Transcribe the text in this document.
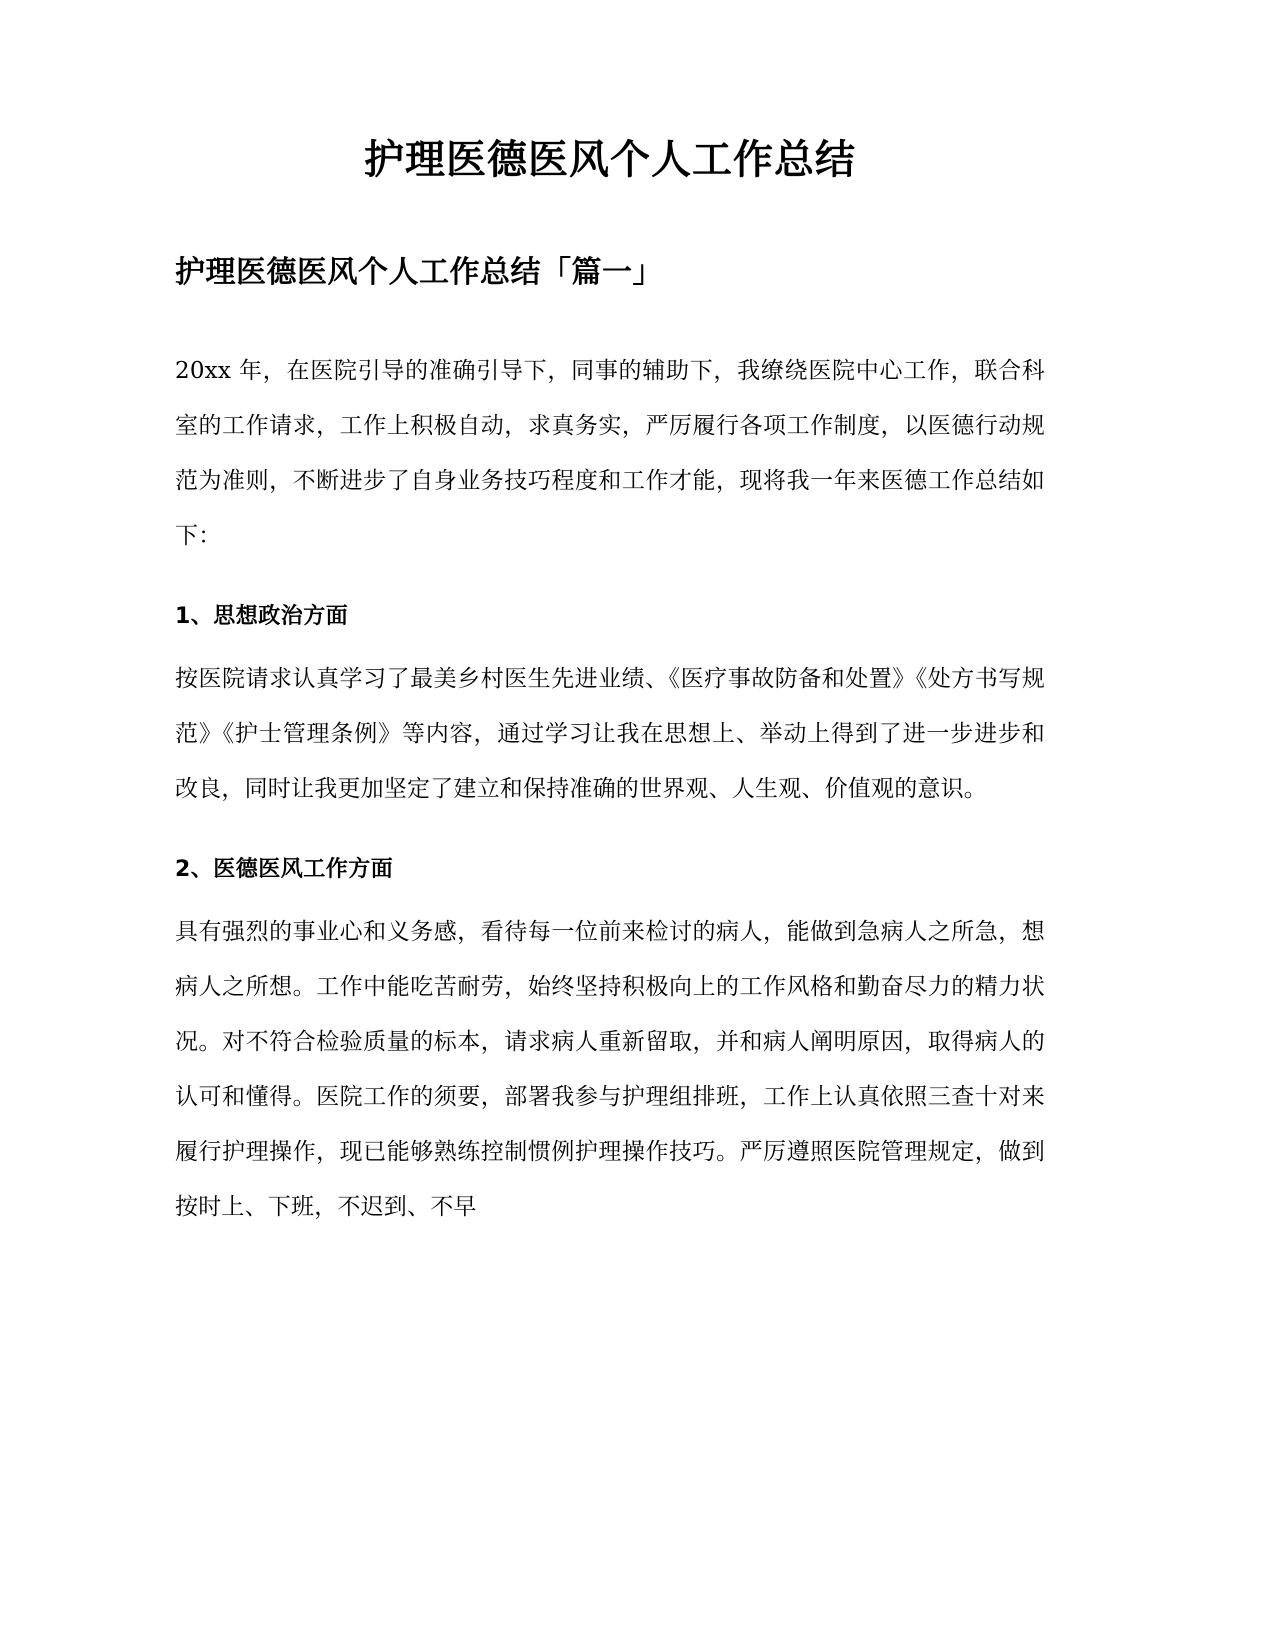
护理医德医风个人工作总结
护理医德医风个人工作总结「篇一」

20xx 年，在医院引导的准确引导下，同事的辅助下，我缭绕医院中心工作，联合科室的工作请求，工作上积极自动，求真务实，严厉履行各项工作制度，以医德行动规范为准则，不断进步了自身业务技巧程度和工作才能，现将我一年来医德工作总结如下：

1、思想政治方面

按医院请求认真学习了最美乡村医生先进业绩、《医疗事故防备和处置》《处方书写规范》《护士管理条例》等内容，通过学习让我在思想上、举动上得到了进一步进步和改良，同时让我更加坚定了建立和保持准确的世界观、人生观、价值观的意识。

2、医德医风工作方面

具有强烈的事业心和义务感，看待每一位前来检讨的病人，能做到急病人之所急，想病人之所想。工作中能吃苦耐劳，始终坚持积极向上的工作风格和勤奋尽力的精力状况。对不符合检验质量的标本，请求病人重新留取，并和病人阐明原因，取得病人的认可和懂得。医院工作的须要，部署我参与护理组排班，工作上认真依照三查十对来履行护理操作，现已能够熟练控制惯例护理操作技巧。严厉遵照医院管理规定，做到按时上、下班，不迟到、不早
